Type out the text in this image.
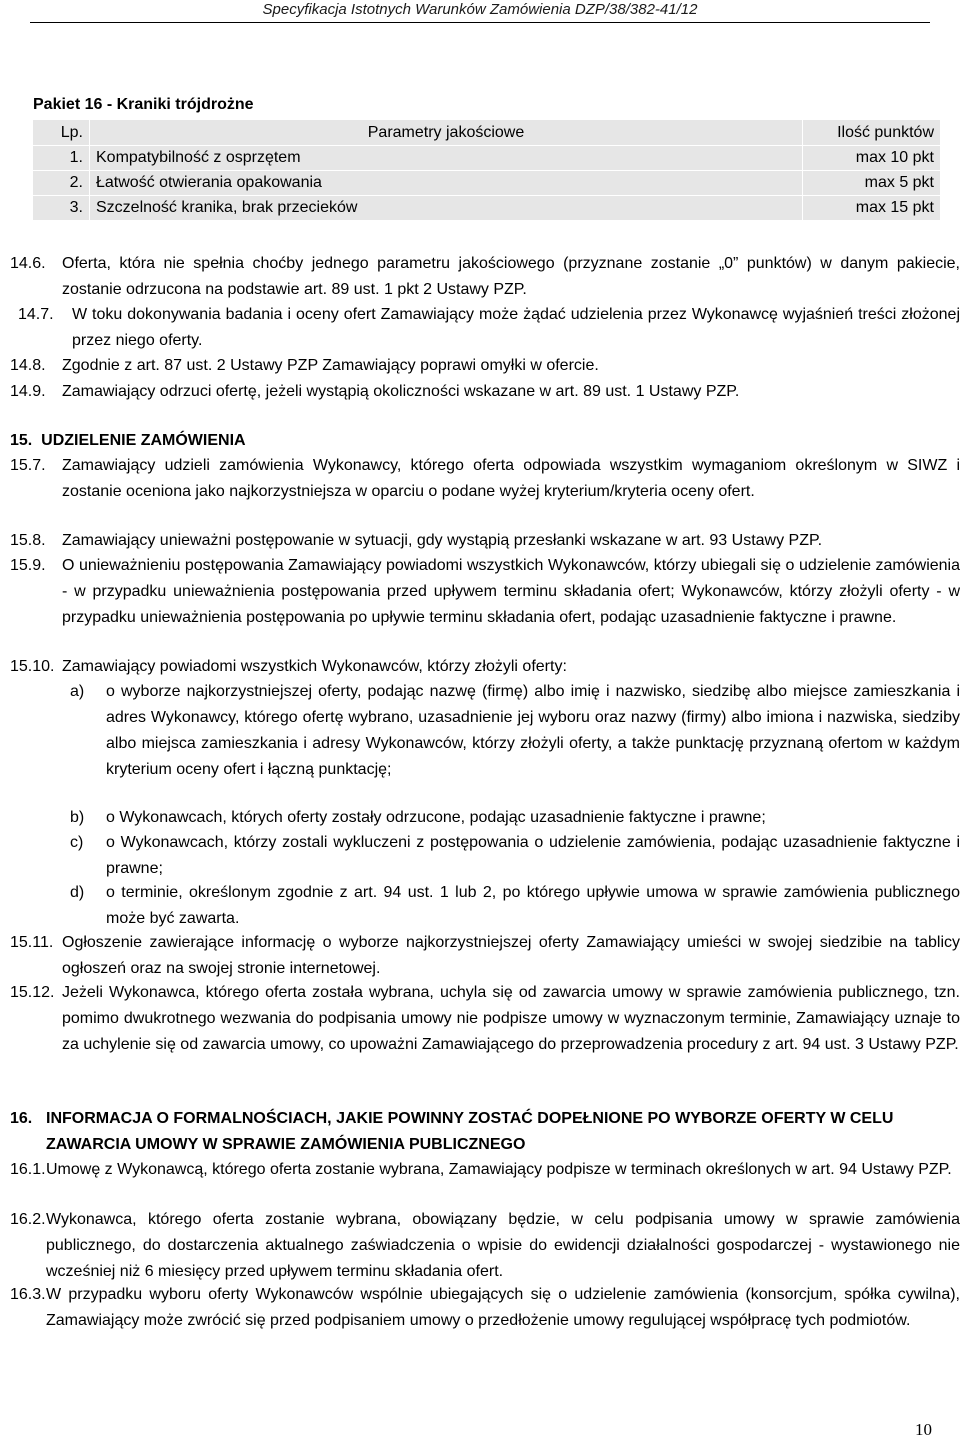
Specyfikacja Istotnych Warunków Zamówienia DZP/38/382-41/12
Pakiet 16 - Kraniki trójdrożne
Lp.	Parametry jakościowe	Ilość punktów
1.	Kompatybilność z osprzętem	max 10 pkt
2.	Łatwość otwierania opakowania	max 5 pkt
3.	Szczelność kranika, brak przecieków	max 15 pkt
14.6. Oferta, która nie spełnia choćby jednego parametru jakościowego (przyznane zostanie „0” punktów) w danym pakiecie, zostanie odrzucona na podstawie art. 89 ust. 1 pkt 2 Ustawy PZP.
14.7. W toku dokonywania badania i oceny ofert Zamawiający może żądać udzielenia przez Wykonawcę wyjaśnień treści złożonej przez niego oferty.
14.8. Zgodnie z art. 87 ust. 2 Ustawy PZP Zamawiający poprawi omyłki w ofercie.
14.9. Zamawiający odrzuci ofertę, jeżeli wystąpią okoliczności wskazane w art. 89 ust. 1 Ustawy PZP.
15.  UDZIELENIE ZAMÓWIENIA
15.7. Zamawiający udzieli zamówienia Wykonawcy, którego oferta odpowiada wszystkim wymaganiom określonym w SIWZ i zostanie oceniona jako najkorzystniejsza w oparciu o podane wyżej kryterium/kryteria oceny ofert.
15.8. Zamawiający unieważni postępowanie w sytuacji, gdy wystąpią przesłanki wskazane w art. 93 Ustawy PZP.
15.9. O unieważnieniu postępowania Zamawiający powiadomi wszystkich Wykonawców, którzy ubiegali się o udzielenie zamówienia - w przypadku unieważnienia postępowania przed upływem terminu składania ofert; Wykonawców, którzy złożyli oferty - w przypadku unieważnienia postępowania po upływie terminu składania ofert, podając uzasadnienie faktyczne i prawne.
15.10. Zamawiający powiadomi wszystkich Wykonawców, którzy złożyli oferty:
a) o wyborze najkorzystniejszej oferty, podając nazwę (firmę) albo imię i nazwisko, siedzibę albo miejsce zamieszkania i adres Wykonawcy, którego ofertę wybrano, uzasadnienie jej wyboru oraz nazwy (firmy) albo imiona i nazwiska, siedziby albo miejsca zamieszkania i adresy Wykonawców, którzy złożyli oferty, a także punktację przyznaną ofertom w każdym kryterium oceny ofert i łączną punktację;
b) o Wykonawcach, których oferty zostały odrzucone, podając uzasadnienie faktyczne i prawne;
c) o Wykonawcach, którzy zostali wykluczeni z postępowania o udzielenie zamówienia, podając uzasadnienie faktyczne i prawne;
d) o terminie, określonym zgodnie z art. 94 ust. 1 lub 2, po którego upływie umowa w sprawie zamówienia publicznego może być zawarta.
15.11. Ogłoszenie zawierające informację o wyborze najkorzystniejszej oferty Zamawiający umieści w swojej siedzibie na tablicy ogłoszeń oraz na swojej stronie internetowej.
15.12. Jeżeli Wykonawca, którego oferta została wybrana, uchyla się od zawarcia umowy w sprawie zamówienia publicznego, tzn. pomimo dwukrotnego wezwania do podpisania umowy nie podpisze umowy w wyznaczonym terminie, Zamawiający uznaje to za uchylenie się od zawarcia umowy, co upoważni Zamawiającego do przeprowadzenia procedury z art. 94 ust. 3 Ustawy PZP.
16. INFORMACJA O FORMALNOŚCIACH, JAKIE POWINNY ZOSTAĆ DOPEŁNIONE PO WYBORZE OFERTY W CELU ZAWARCIA UMOWY W SPRAWIE ZAMÓWIENIA PUBLICZNEGO
16.1. Umowę z Wykonawcą, którego oferta zostanie wybrana, Zamawiający podpisze w terminach określonych w art. 94 Ustawy PZP.
16.2. Wykonawca, którego oferta zostanie wybrana, obowiązany będzie, w celu podpisania umowy w sprawie zamówienia publicznego, do dostarczenia aktualnego zaświadczenia o wpisie do ewidencji działalności gospodarczej - wystawionego nie wcześniej niż 6 miesięcy przed upływem terminu składania ofert.
16.3. W przypadku wyboru oferty Wykonawców wspólnie ubiegających się o udzielenie zamówienia (konsorcjum, spółka cywilna), Zamawiający może zwrócić się przed podpisaniem umowy o przedłożenie umowy regulującej współpracę tych podmiotów.
10
